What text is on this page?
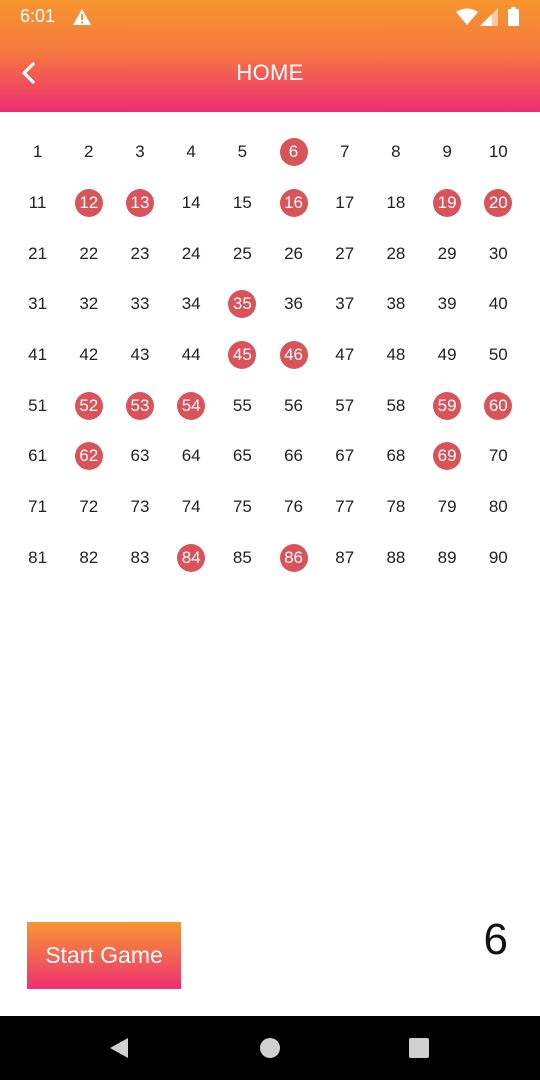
6:01
HOME
1	2	3	4	5	6	7	8	9	10
11	12 13 14 15 16 17 18 19 20
21 22 23 24 25 26 27 28 29 30
31 32 33 34 35 36 37 38 39 40
41 42 43 44 45 46 47 48 49 50
51 52 53 54 55 56 57 58 59 60
61 62 63 64 65 66 67 68 69 70
71 72 73 74 75 76 77 78 79 80
81 82 83 84 85 86 87 88 89 90
Start Game	6
